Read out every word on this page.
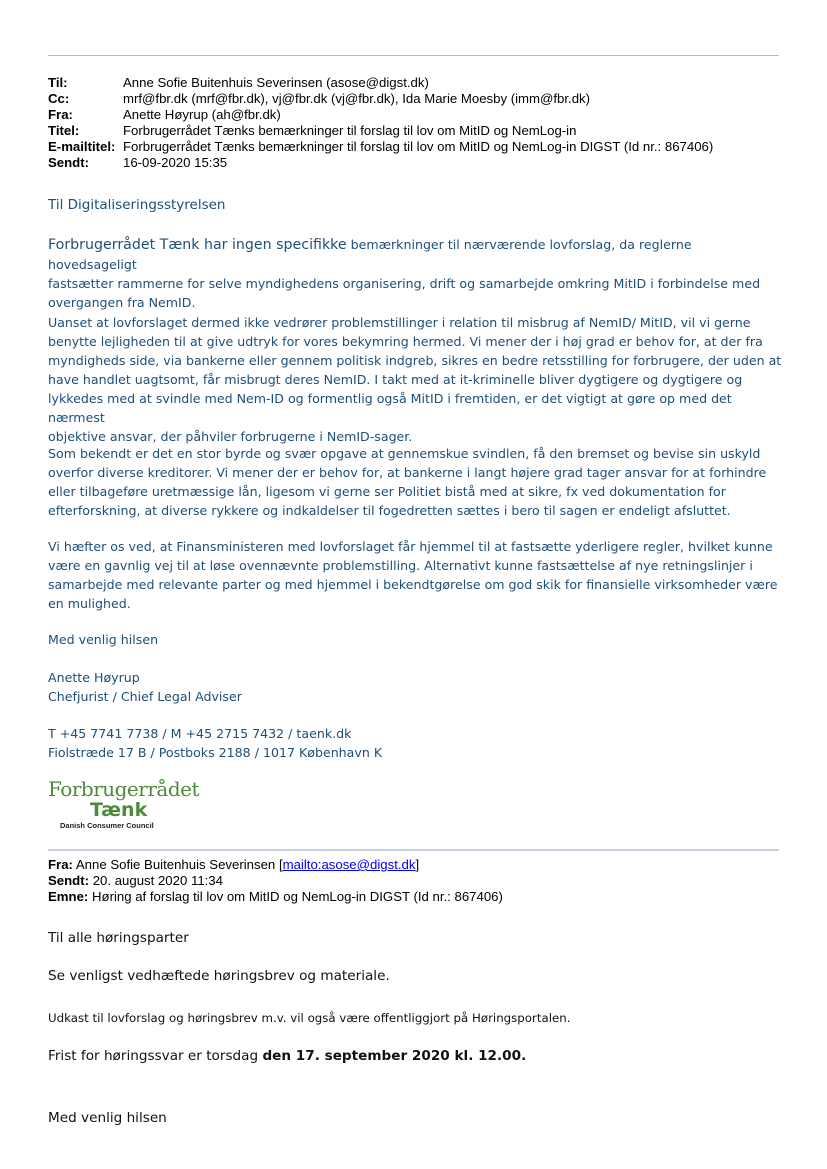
Til:	Anne Sofie Buitenhuis Severinsen (asose@digst.dk)
Cc:	mrf@fbr.dk (mrf@fbr.dk), vj@fbr.dk (vj@fbr.dk), Ida Marie Moesby (imm@fbr.dk)
Fra:	Anette Høyrup (ah@fbr.dk)
Titel:	Forbrugerrådet Tænks bemærkninger til forslag til lov om MitID og NemLog-in
E-mailtitel: Forbrugerrådet Tænks bemærkninger til forslag til lov om MitID og NemLog-in DIGST (Id nr.: 867406)
Sendt:	16-09-2020 15:35
Til Digitaliseringsstyrelsen
Forbrugerrådet Tænk har ingen specifikke bemærkninger til nærværende lovforslag, da reglerne hovedsageligt
fastsætter rammerne for selve myndighedens organisering, drift og samarbejde omkring MitID i forbindelse med
overgangen fra NemID.
Uanset at lovforslaget dermed ikke vedrører problemstillinger i relation til misbrug af NemID/ MitID, vil vi gerne
benytte lejligheden til at give udtryk for vores bekymring hermed. Vi mener der i høj grad er behov for, at der fra
myndigheds side, via bankerne eller gennem politisk indgreb, sikres en bedre retsstilling for forbrugere, der uden at
have handlet uagtsomt, får misbrugt deres NemID. I takt med at it-kriminelle bliver dygtigere og dygtigere og
lykkedes med at svindle med Nem-ID og formentlig også MitID i fremtiden, er det vigtigt at gøre op med det nærmest
objektive ansvar, der påhviler forbrugerne i NemID-sager.
Som bekendt er det en stor byrde og svær opgave at gennemskue svindlen, få den bremset og bevise sin uskyld
overfor diverse kreditorer. Vi mener der er behov for, at bankerne i langt højere grad tager ansvar for at forhindre
eller tilbageføre uretmæssige lån, ligesom vi gerne ser Politiet bistå med at sikre, fx ved dokumentation for
efterforskning, at diverse rykkere og indkaldelser til fogedretten sættes i bero til sagen er endeligt afsluttet.
Vi hæfter os ved, at Finansministeren med lovforslaget får hjemmel til at fastsætte yderligere regler, hvilket kunne
være en gavnlig vej til at løse ovennævnte problemstilling. Alternativt kunne fastsættelse af nye retningslinjer i
samarbejde med relevante parter og med hjemmel i bekendtgørelse om god skik for finansielle virksomheder være
en mulighed.
Med venlig hilsen
Anette Høyrup
Chefjurist / Chief Legal Adviser
T +45 7741 7738 / M +45 2715 7432 / taenk.dk
Fiolstræde 17 B / Postboks 2188 / 1017 København K
Forbrugerrådet
Tænk
Danish Consumer Council
Fra: Anne Sofie Buitenhuis Severinsen [mailto:asose@digst.dk]
Sendt: 20. august 2020 11:34
Emne: Høring af forslag til lov om MitID og NemLog-in DIGST (Id nr.: 867406)
Til alle høringsparter
Se venligst vedhæftede høringsbrev og materiale.
Udkast til lovforslag og høringsbrev m.v. vil også være offentliggjort på Høringsportalen.
Frist for høringssvar er torsdag den 17. september 2020 kl. 12.00.
Med venlig hilsen
